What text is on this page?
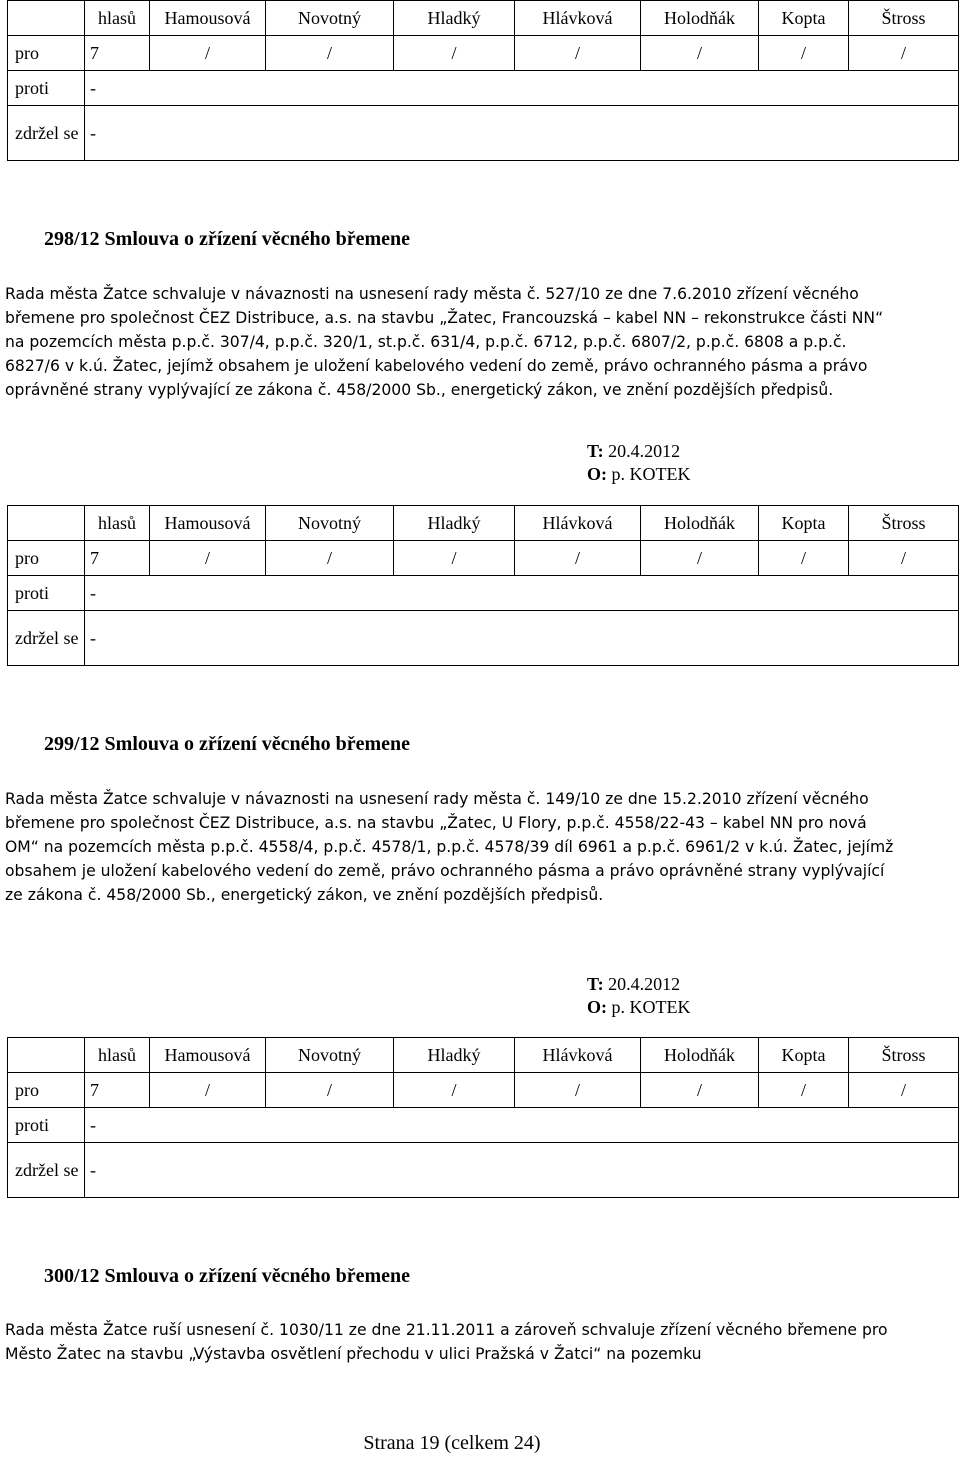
	hlasů	Hamousová	Novotný	Hladký	Hlávková	Holodňák	Kopta	Štross
pro	7	/	/	/	/	/	/	/
proti	-							
zdržel se	-							
298/12 Smlouva o zřízení věcného břemene

Rada města Žatce schvaluje v návaznosti na usnesení rady města č. 527/10 ze dne 7.6.2010 zřízení věcného břemene pro společnost ČEZ Distribuce, a.s. na stavbu „Žatec, Francouzská – kabel NN – rekonstrukce části NN“ na pozemcích města p.p.č. 307/4, p.p.č. 320/1, st.p.č. 631/4, p.p.č. 6712, p.p.č. 6807/2, p.p.č. 6808 a p.p.č. 6827/6 v k.ú. Žatec, jejímž obsahem je uložení kabelového vedení do země, právo ochranného pásma a právo oprávněné strany vyplývající ze zákona č. 458/2000 Sb., energetický zákon, ve znění pozdějších předpisů.

T: 20.4.2012
O: p. KOTEK
	hlasů	Hamousová	Novotný	Hladký	Hlávková	Holodňák	Kopta	Štross
pro	7	/	/	/	/	/	/	/
proti	-							
zdržel se	-							
299/12 Smlouva o zřízení věcného břemene

Rada města Žatce schvaluje v návaznosti na usnesení rady města č. 149/10 ze dne 15.2.2010 zřízení věcného břemene pro společnost ČEZ Distribuce, a.s. na stavbu „Žatec, U Flory, p.p.č. 4558/22-43 – kabel NN pro nová OM“ na pozemcích města p.p.č. 4558/4, p.p.č. 4578/1, p.p.č. 4578/39 díl 6961 a p.p.č. 6961/2 v k.ú. Žatec, jejímž obsahem je uložení kabelového vedení do země, právo ochranného pásma a právo oprávněné strany vyplývající ze zákona č. 458/2000 Sb., energetický zákon, ve znění pozdějších předpisů.

T: 20.4.2012
O: p. KOTEK
	hlasů	Hamousová	Novotný	Hladký	Hlávková	Holodňák	Kopta	Štross
pro	7	/	/	/	/	/	/	/
proti	-							
zdržel se	-							
300/12 Smlouva o zřízení věcného břemene

Rada města Žatce ruší usnesení č. 1030/11 ze dne 21.11.2011 a zároveň schvaluje zřízení věcného břemene pro Město Žatec na stavbu „Výstavba osvětlení přechodu v ulici Pražská v Žatci“ na pozemku

Strana 19 (celkem 24)
